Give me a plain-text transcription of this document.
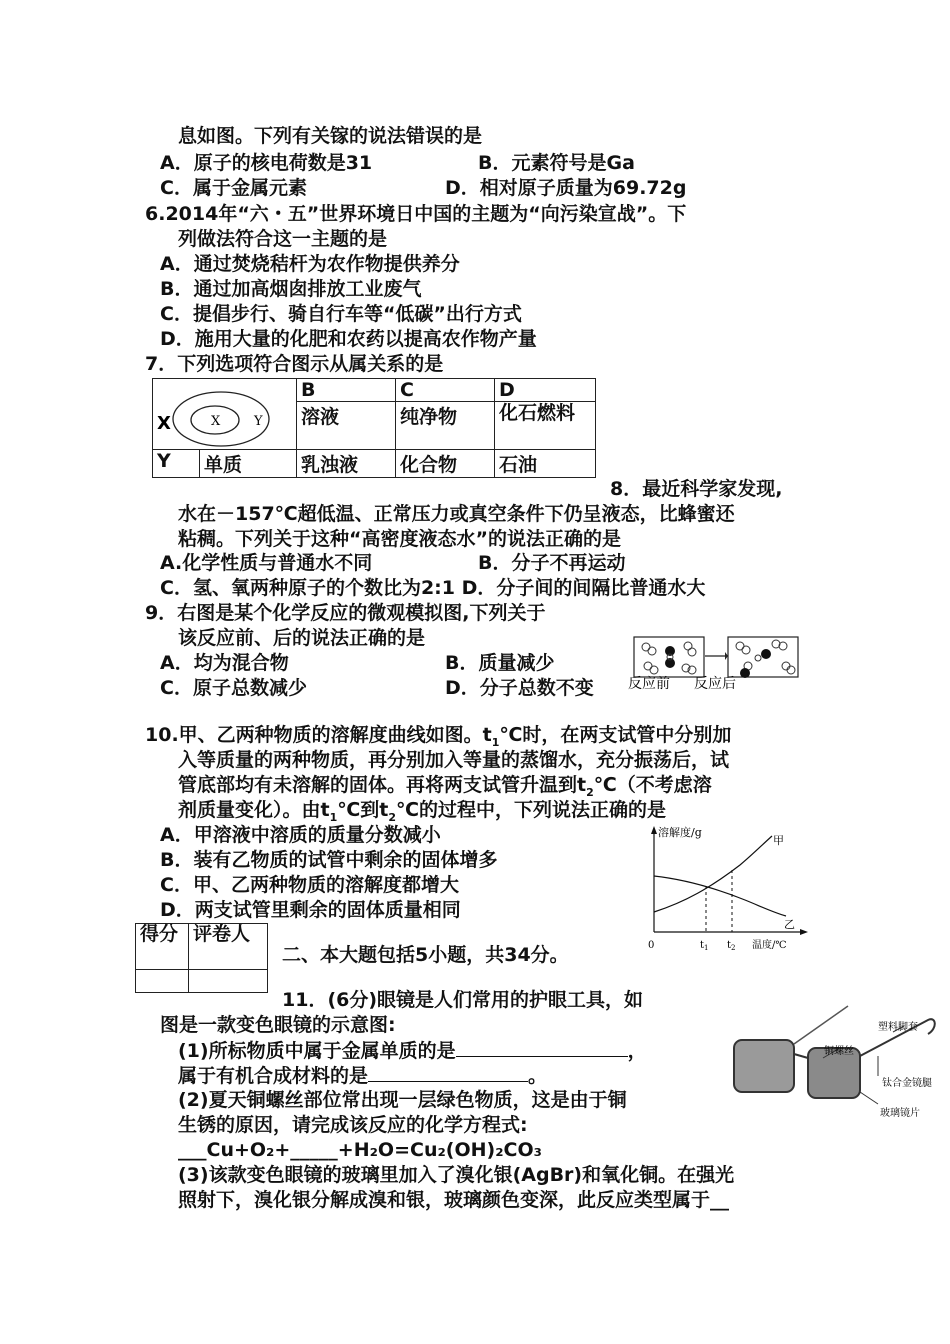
息如图。下列有关镓的说法错误的是
A．原子的核电荷数是31	B．元素符号是Ga
C．属于金属元素	D．相对原子质量为69.72g
6.2014年“六・五”世界环境日中国的主题为“向污染宣战”。下
列做法符合这一主题的是
A．通过焚烧秸杆为农作物提供养分
B．通过加高烟囱排放工业废气
C．提倡步行、骑自行车等“低碳”出行方式
D．施用大量的化肥和农药以提高农作物产量
7．下列选项符合图示从属关系的是
X Y
X		B	C	D
		溶液	纯净物	化石燃料
Y	单质	乳浊液	化合物	石油
8．最近科学家发现,
水在－157℃超低温、正常压力或真空条件下仍呈液态，比蜂蜜还
粘稠。下列关于这种“高密度液态水”的说法正确的是
A.化学性质与普通水不同	B．分子不再运动
C．氢、氧两种原子的个数比为2:1 D．分子间的间隔比普通水大
9．右图是某个化学反应的微观模拟图,下列关于
该反应前、后的说法正确的是
A．均为混合物	B．质量减少
C．原子总数减少	D．分子总数不变 反应前 反应后
10.甲、乙两种物质的溶解度曲线如图。$t_1℃$时，在两支试管中分别加
入等质量的两种物质，再分别加入等量的蒸馏水，充分振荡后，试
管底部均有未溶解的固体。再将两支试管升温到$t_2℃$（不考虑溶
剂质量变化）。由$t_1℃$到$t_2℃$的过程中，下列说法正确的是
A．甲溶液中溶质的质量分数减小
B．装有乙物质的试管中剩余的固体增多
C．甲、乙两种物质的溶解度都增大
D．两支试管里剩余的固体质量相同
溶解度/g
甲
乙
0	$t_1$ $t_2$ 温度/℃
得分	评卷人

二、本大题包括5小题，共34分。
11．(6分)眼镜是人们常用的护眼工具，如
图是一款变色眼镜的示意图:
(1)所标物质中属于金属单质的是	，
属于有机合成材料的是	。
(2)夏天铜螺丝部位常出现一层绿色物质，这是由于铜
生锈的原因，请完成该反应的化学方程式:
___Cu+O₂+_____+H₂O=Cu₂(OH)₂CO₃
(3)该款变色眼镜的玻璃里加入了溴化银(AgBr)和氧化铜。在强光
照射下，溴化银分解成溴和银，玻璃颜色变深，此反应类型属于__
塑料脚套
铜螺丝
钛合金镜腿
玻璃镜片
